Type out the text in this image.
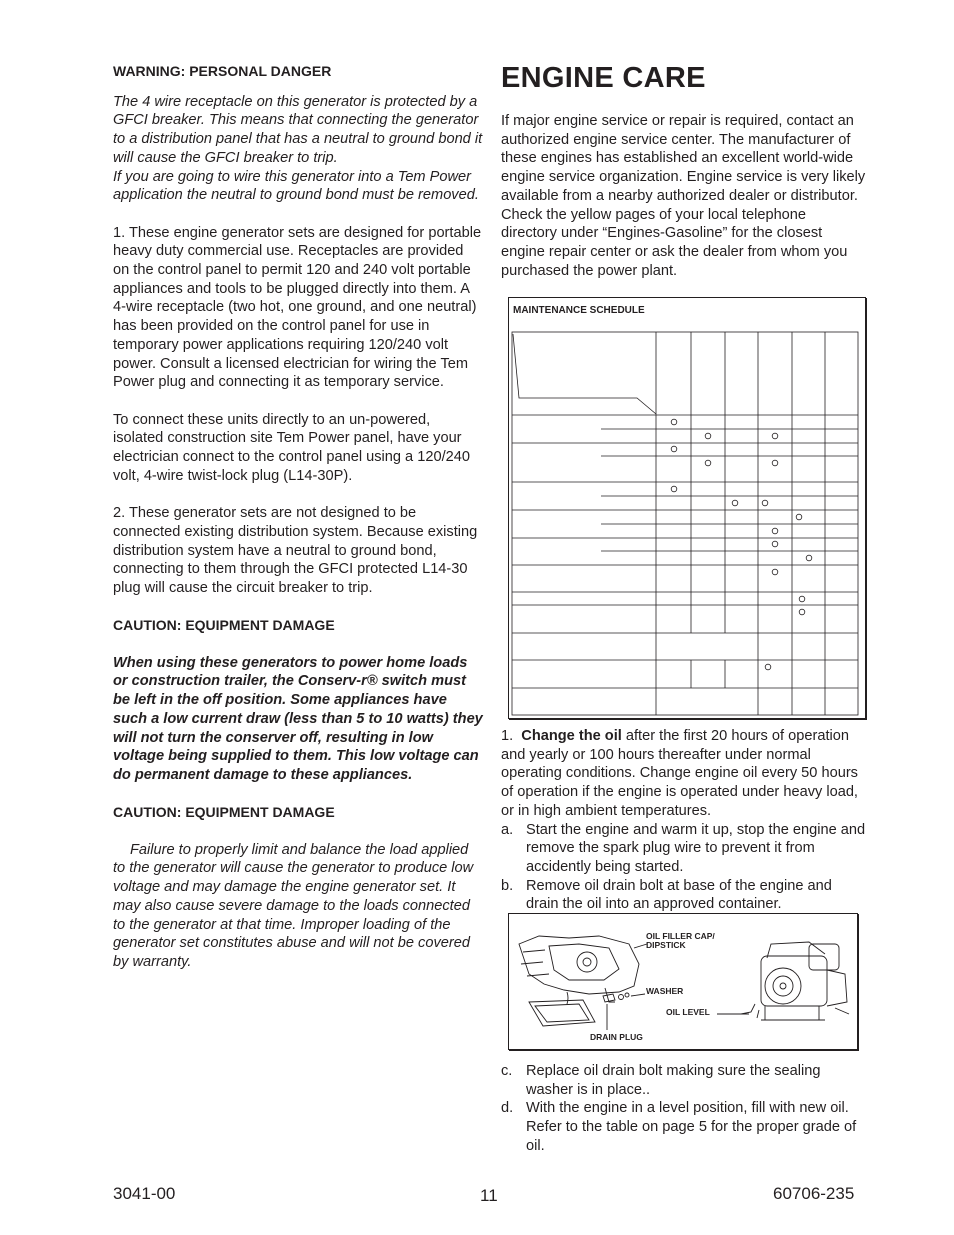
WARNING: PERSONAL DANGER

The 4 wire receptacle on this generator is protected by a GFCI breaker. This means that connecting the generator to a distribution panel that has a neutral to ground bond it will cause the GFCI breaker to trip.

If you are going to wire this generator into a Tem Power application the neutral to ground bond must be removed.

1. These engine generator sets are designed for portable heavy duty commercial use. Receptacles are provided on the control panel to permit 120 and 240 volt portable appliances and tools to be plugged directly into them. A 4-wire receptacle (two hot, one ground, and one neutral) has been provided on the control panel for use in temporary power applications requiring 120/240 volt power. Consult a licensed electrician for wiring the Tem Power plug and connecting it as temporary service.

To connect these units directly to an un-powered, isolated construction site Tem Power panel, have your electrician connect to the control panel using a 120/240 volt, 4-wire twist-lock plug (L14-30P).

2. These generator sets are not designed to be connected existing distribution system. Because existing distribution system have a neutral to ground bond, connecting to them through the GFCI protected L14-30 plug will cause the circuit breaker to trip.

CAUTION: EQUIPMENT DAMAGE

When using these generators to power home loads or construction trailer, the Conserv-r® switch must be left in the off position. Some appliances have such a low current draw (less than 5 to 10 watts) they will not turn the conserver off, resulting in low voltage being supplied to them. This low voltage can do permanent damage to these appliances.

CAUTION: EQUIPMENT DAMAGE

Failure to properly limit and balance the load applied to the generator will cause the generator to produce low voltage and may damage the engine generator set. It may also cause severe damage to the loads connected to the generator at that time. Improper loading of the generator set constitutes abuse and will not be covered by warranty.

ENGINE CARE

If major engine service or repair is required, contact an authorized engine service center. The manufacturer of these engines has established an excellent world-wide engine service organization. Engine service is very likely available from a nearby authorized dealer or distributor. Check the yellow pages of your local telephone directory under “Engines-Gasoline” for the closest engine repair center or ask the dealer from whom you purchased the power plant.

MAINTENANCE SCHEDULE

1. Change the oil after the first 20 hours of operation and yearly or 100 hours thereafter under normal operating conditions. Change engine oil every 50 hours of operation if the engine is operated under heavy load, or in high ambient temperatures.

a. Start the engine and warm it up, stop the engine and remove the spark plug wire to prevent it from accidently being started.

b. Remove oil drain bolt at base of the engine and drain the oil into an approved container.

OIL FILLER CAP/ DIPSTICK
WASHER
OIL LEVEL
DRAIN PLUG

c. Replace oil drain bolt making sure the sealing washer is in place..

d. With the engine in a level position, fill with new oil. Refer to the table on page 5 for the proper grade of oil.

3041-00	11	60706-235
